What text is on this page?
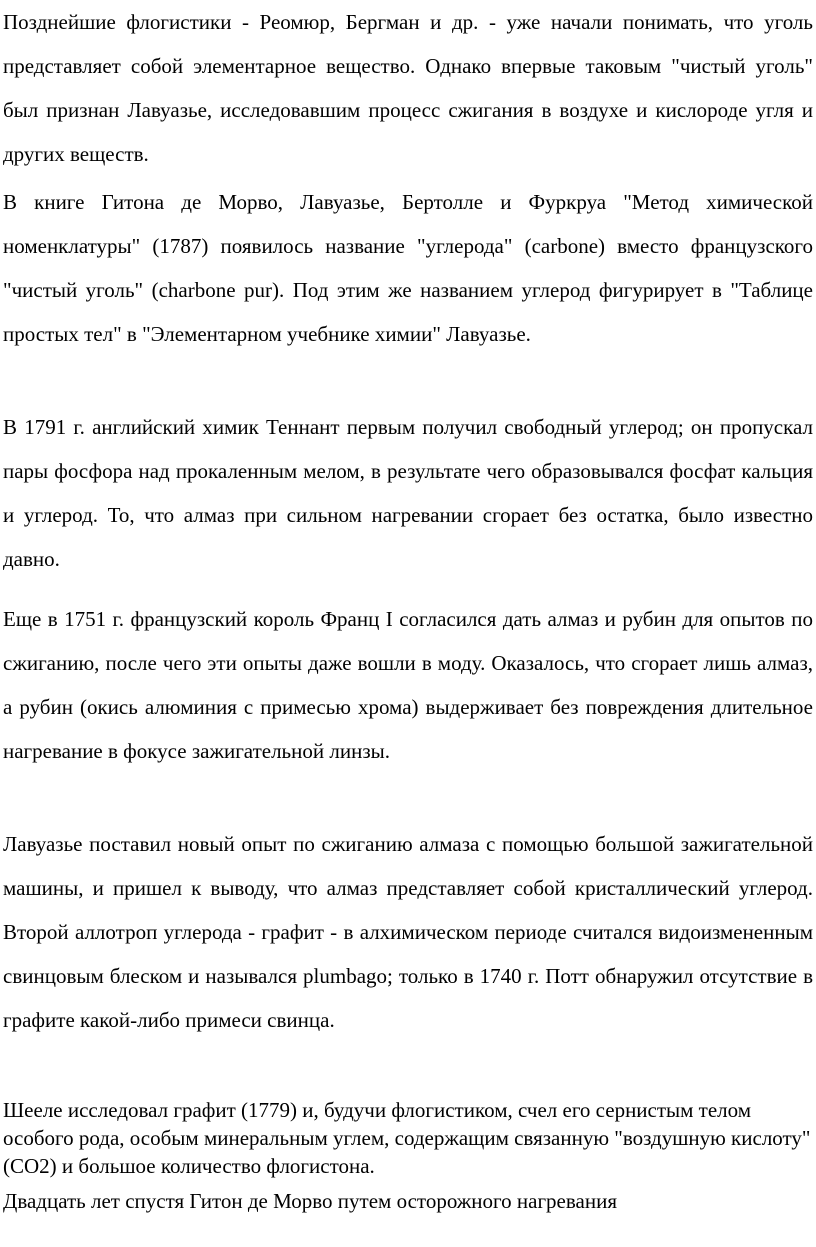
Позднейшие флогистики - Реомюр, Бергман и др. - уже начали понимать, что уголь представляет собой элементарное вещество. Однако впервые таковым "чистый уголь" был признан Лавуазье, исследовавшим процесс сжигания в воздухе и кислороде угля и других веществ.

В книге Гитона де Морво, Лавуазье, Бертолле и Фуркруа "Метод химической номенклатуры" (1787) появилось название "углерода" (carbone) вместо французского "чистый уголь" (charbone pur). Под этим же названием углерод фигурирует в "Таблице простых тел" в "Элементарном учебнике химии" Лавуазье.

В 1791 г. английский химик Теннант первым получил свободный углерод; он пропускал пары фосфора над прокаленным мелом, в результате чего образовывался фосфат кальция и углерод. То, что алмаз при сильном нагревании сгорает без остатка, было известно давно.

Еще в 1751 г. французский король Франц I согласился дать алмаз и рубин для опытов по сжиганию, после чего эти опыты даже вошли в моду. Оказалось, что сгорает лишь алмаз, а рубин (окись алюминия с примесью хрома) выдерживает без повреждения длительное нагревание в фокусе зажигательной линзы.

Лавуазье поставил новый опыт по сжиганию алмаза с помощью большой зажигательной машины, и пришел к выводу, что алмаз представляет собой кристаллический углерод. Второй аллотроп углерода - графит - в алхимическом периоде считался видоизмененным свинцовым блеском и назывался plumbago; только в 1740 г. Потт обнаружил отсутствие в графите какой-либо примеси свинца.

Шееле исследовал графит (1779) и, будучи флогистиком, счел его сернистым телом особого рода, особым минеральным углем, содержащим связанную "воздушную кислоту" (СО2) и большое количество флогистона.

Двадцать лет спустя Гитон де Морво путем осторожного нагревания
